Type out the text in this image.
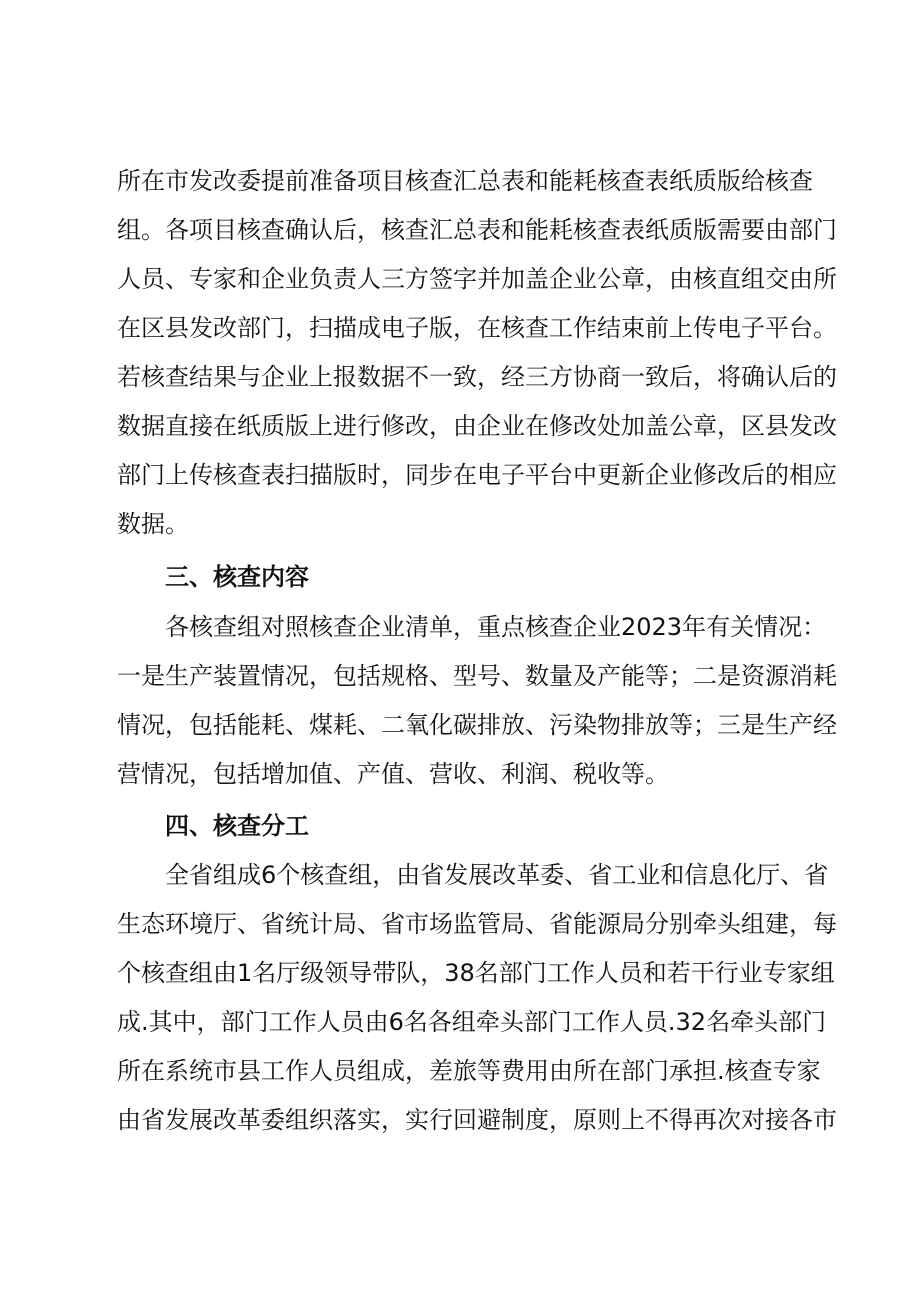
所在市发改委提前准备项目核查汇总表和能耗核查表纸质版给核查
组。各项目核查确认后，核查汇总表和能耗核查表纸质版需要由部门
人员、专家和企业负责人三方签字并加盖企业公章，由核直组交由所
在区县发改部门，扫描成电子版，在核查工作结束前上传电子平台。
若核查结果与企业上报数据不一致，经三方协商一致后，将确认后的
数据直接在纸质版上进行修改，由企业在修改处加盖公章，区县发改
部门上传核查表扫描版时，同步在电子平台中更新企业修改后的相应
数据。
三、核查内容
各核查组对照核查企业清单，重点核查企业2023年有关情况：
一是生产装置情况，包括规格、型号、数量及产能等；二是资源消耗
情况，包括能耗、煤耗、二氧化碳排放、污染物排放等；三是生产经
营情况，包括增加值、产值、营收、利润、税收等。
四、核查分工
全省组成6个核查组，由省发展改革委、省工业和信息化厅、省
生态环境厅、省统计局、省市场监管局、省能源局分别牵头组建，每
个核查组由1名厅级领导带队，38名部门工作人员和若干行业专家组
成.其中，部门工作人员由6名各组牵头部门工作人员.32名牵头部门
所在系统市县工作人员组成，差旅等费用由所在部门承担.核查专家
由省发展改革委组织落实，实行回避制度，原则上不得再次对接各市
